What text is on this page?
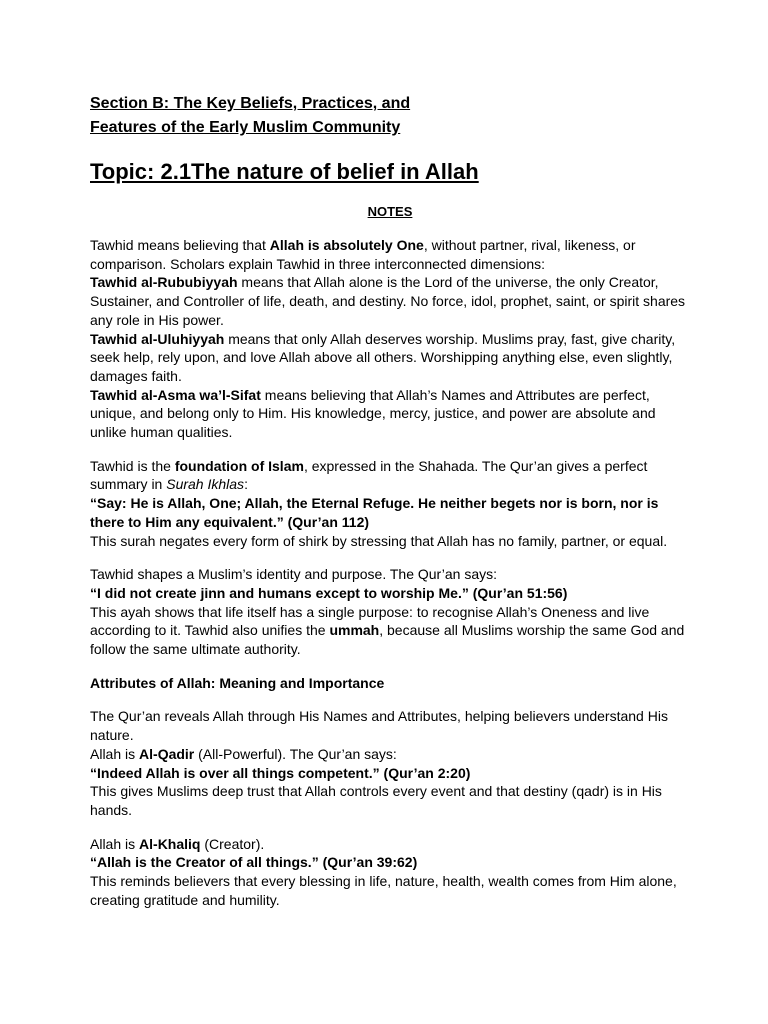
Section B: The Key Beliefs, Practices, and
Features of the Early Muslim Community
Topic: 2.1The nature of belief in Allah
NOTES

Tawhid means believing that Allah is absolutely One, without partner, rival, likeness, or comparison. Scholars explain Tawhid in three interconnected dimensions:

Tawhid al-Rububiyyah means that Allah alone is the Lord of the universe, the only Creator, Sustainer, and Controller of life, death, and destiny. No force, idol, prophet, saint, or spirit shares any role in His power.

Tawhid al-Uluhiyyah means that only Allah deserves worship. Muslims pray, fast, give charity, seek help, rely upon, and love Allah above all others. Worshipping anything else, even slightly, damages faith.

Tawhid al-Asma wa’l-Sifat means believing that Allah’s Names and Attributes are perfect, unique, and belong only to Him. His knowledge, mercy, justice, and power are absolute and unlike human qualities.

Tawhid is the foundation of Islam, expressed in the Shahada. The Qur’an gives a perfect summary in Surah Ikhlas:

“Say: He is Allah, One; Allah, the Eternal Refuge. He neither begets nor is born, nor is there to Him any equivalent.” (Qur’an 112)

This surah negates every form of shirk by stressing that Allah has no family, partner, or equal.

Tawhid shapes a Muslim’s identity and purpose. The Qur’an says:

“I did not create jinn and humans except to worship Me.” (Qur’an 51:56)

This ayah shows that life itself has a single purpose: to recognise Allah’s Oneness and live according to it. Tawhid also unifies the ummah, because all Muslims worship the same God and follow the same ultimate authority.

Attributes of Allah: Meaning and Importance

The Qur’an reveals Allah through His Names and Attributes, helping believers understand His nature.

Allah is Al-Qadir (All-Powerful). The Qur’an says:

“Indeed Allah is over all things competent.” (Qur’an 2:20)

This gives Muslims deep trust that Allah controls every event and that destiny (qadr) is in His hands.

Allah is Al-Khaliq (Creator).

“Allah is the Creator of all things.” (Qur’an 39:62)

This reminds believers that every blessing in life, nature, health, wealth comes from Him alone, creating gratitude and humility.
